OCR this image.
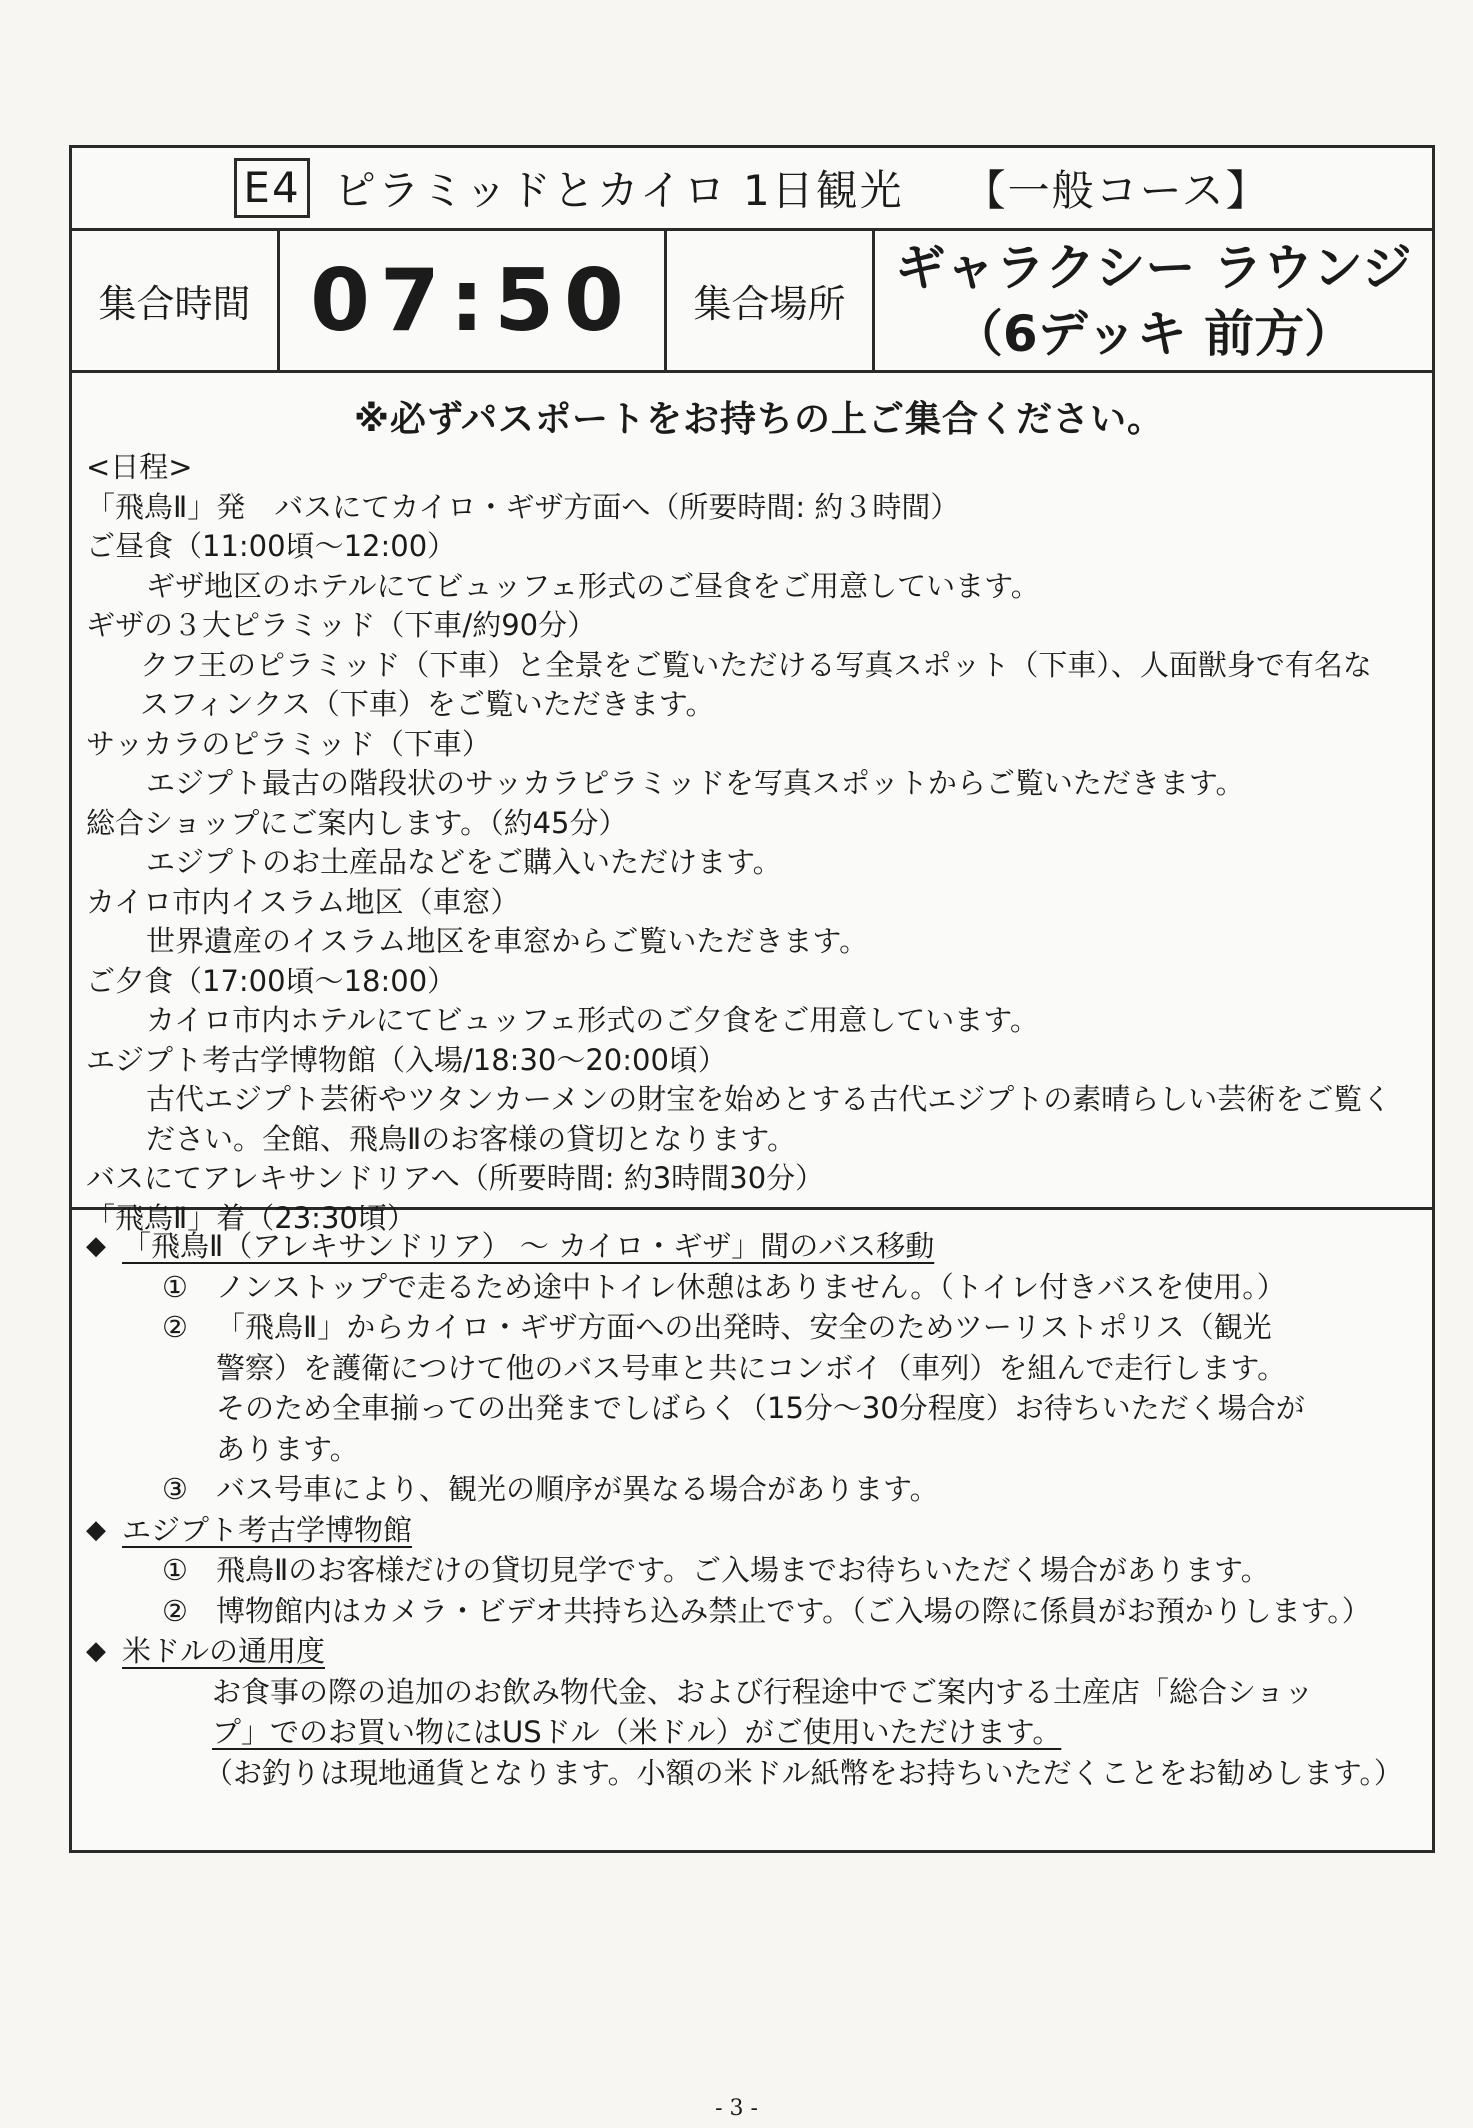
E4 ピラミッドとカイロ 1日観光 【一般コース】
集合時間 07:50	集合場所
ギャラクシー ラウンジ
（6デッキ 前方）
※必ずパスポートをお持ちの上ご集合ください。
<日程>
「飛鳥Ⅱ」発　バスにてカイロ・ギザ方面へ（所要時間: 約３時間）
ご昼食（11:00頃～12:00）
ギザ地区のホテルにてビュッフェ形式のご昼食をご用意しています。
ギザの３大ピラミッド（下車/約90分）
クフ王のピラミッド（下車）と全景をご覧いただける写真スポット（下車）、人面獣身で有名な
スフィンクス（下車）をご覧いただきます。
サッカラのピラミッド（下車）
エジプト最古の階段状のサッカラピラミッドを写真スポットからご覧いただきます。
総合ショップにご案内します。（約45分）
エジプトのお土産品などをご購入いただけます。
カイロ市内イスラム地区（車窓）
世界遺産のイスラム地区を車窓からご覧いただきます。
ご夕食（17:00頃～18:00）
カイロ市内ホテルにてビュッフェ形式のご夕食をご用意しています。
エジプト考古学博物館（入場/18:30～20:00頃）
古代エジプト芸術やツタンカーメンの財宝を始めとする古代エジプトの素晴らしい芸術をご覧く
ださい。全館、飛鳥Ⅱのお客様の貸切となります。
バスにてアレキサンドリアへ（所要時間: 約3時間30分）
「飛鳥Ⅱ」着（23:30頃）
◆ 「飛鳥Ⅱ（アレキサンドリア） ～ カイロ・ギザ」間のバス移動
① ノンストップで走るため途中トイレ休憩はありません。（トイレ付きバスを使用。）
② 「飛鳥Ⅱ」からカイロ・ギザ方面への出発時、安全のためツーリストポリス（観光
警察）を護衛につけて他のバス号車と共にコンボイ（車列）を組んで走行します。
そのため全車揃っての出発までしばらく（15分～30分程度）お待ちいただく場合が
あります。
③ バス号車により、観光の順序が異なる場合があります。
◆ エジプト考古学博物館
① 飛鳥Ⅱのお客様だけの貸切見学です。ご入場までお待ちいただく場合があります。
② 博物館内はカメラ・ビデオ共持ち込み禁止です。（ご入場の際に係員がお預かりします。）
◆ 米ドルの通用度
お食事の際の追加のお飲み物代金、および行程途中でご案内する土産店「総合ショッ
プ」でのお買い物にはUSドル（米ドル）がご使用いただけます。
（お釣りは現地通貨となります。小額の米ドル紙幣をお持ちいただくことをお勧めします。）
- 3 -
